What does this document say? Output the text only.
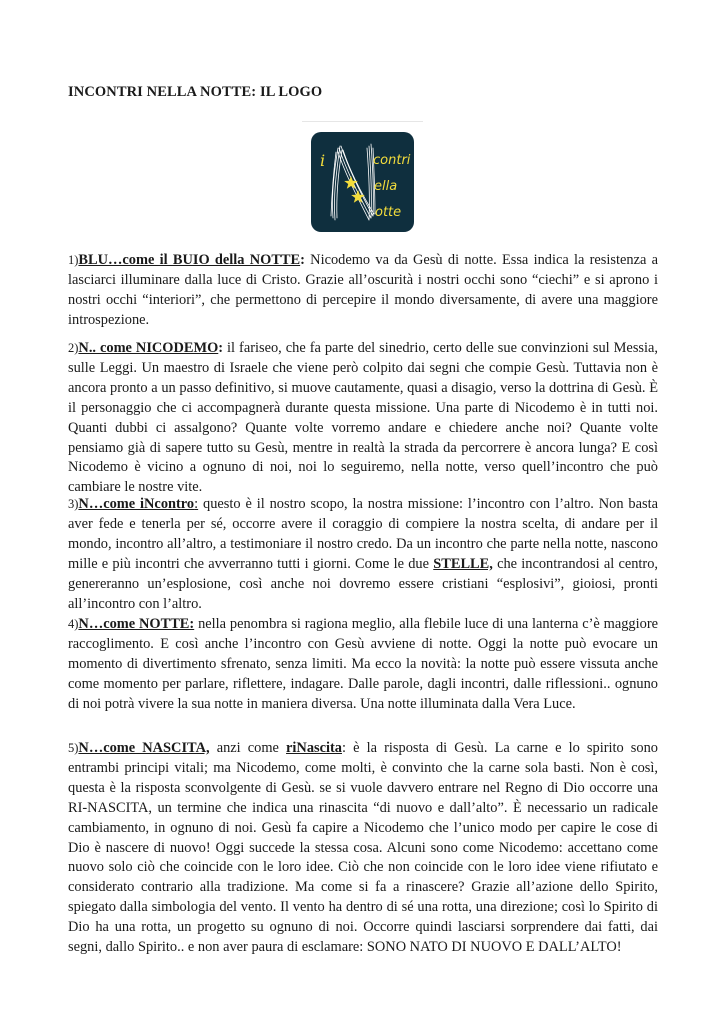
INCONTRI NELLA NOTTE: IL LOGO
i	contri
ella
otte
1)BLU…come il BUIO della NOTTE: Nicodemo va da Gesù di notte. Essa indica la resistenza a lasciarci illuminare dalla luce di Cristo. Grazie all’oscurità i nostri occhi sono “ciechi” e si aprono i nostri occhi “interiori”, che permettono di percepire il mondo diversamente, di avere una maggiore introspezione.
2)N.. come NICODEMO: il fariseo, che fa parte del sinedrio, certo delle sue convinzioni sul Messia, sulle Leggi. Un maestro di Israele che viene però colpito dai segni che compie Gesù. Tuttavia non è ancora pronto a un passo definitivo, si muove cautamente, quasi a disagio, verso la dottrina di Gesù. È il personaggio che ci accompagnerà durante questa missione. Una parte di Nicodemo è in tutti noi. Quanti dubbi ci assalgono? Quante volte vorremo andare e chiedere anche noi? Quante volte pensiamo già di sapere tutto su Gesù, mentre in realtà la strada da percorrere è ancora lunga? E così Nicodemo è vicino a ognuno di noi, noi lo seguiremo, nella notte, verso quell’incontro che può cambiare le nostre vite.
3)N…come iNcontro: questo è il nostro scopo, la nostra missione: l’incontro con l’altro. Non basta aver fede e tenerla per sé, occorre avere il coraggio di compiere la nostra scelta, di andare per il mondo, incontro all’altro, a testimoniare il nostro credo. Da un incontro che parte nella notte, nascono mille e più incontri che avverranno tutti i giorni. Come le due STELLE, che incontrandosi al centro, genereranno un’esplosione, così anche noi dovremo essere cristiani “esplosivi”, gioiosi, pronti all’incontro con l’altro.
4)N…come NOTTE: nella penombra si ragiona meglio, alla flebile luce di una lanterna c’è maggiore raccoglimento. E così anche l’incontro con Gesù avviene di notte. Oggi la notte può evocare un momento di divertimento sfrenato, senza limiti. Ma ecco la novità: la notte può essere vissuta anche come momento per parlare, riflettere, indagare. Dalle parole, dagli incontri, dalle riflessioni.. ognuno di noi potrà vivere la sua notte in maniera diversa. Una notte illuminata dalla Vera Luce.
5)N…come NASCITA, anzi come riNascita: è la risposta di Gesù. La carne e lo spirito sono entrambi principi vitali; ma Nicodemo, come molti, è convinto che la carne sola basti. Non è così, questa è la risposta sconvolgente di Gesù. se si vuole davvero entrare nel Regno di Dio occorre una RI-NASCITA, un termine che indica una rinascita “di nuovo e dall’alto”. È necessario un radicale cambiamento, in ognuno di noi. Gesù fa capire a Nicodemo che l’unico modo per capire le cose di Dio è nascere di nuovo! Oggi succede la stessa cosa. Alcuni sono come Nicodemo: accettano come nuovo solo ciò che coincide con le loro idee. Ciò che non coincide con le loro idee viene rifiutato e considerato contrario alla tradizione. Ma come si fa a rinascere? Grazie all’azione dello Spirito, spiegato dalla simbologia del vento. Il vento ha dentro di sé una rotta, una direzione; così lo Spirito di Dio ha una rotta, un progetto su ognuno di noi. Occorre quindi lasciarsi sorprendere dai fatti, dai segni, dallo Spirito.. e non aver paura di esclamare: SONO NATO DI NUOVO E DALL’ALTO!
